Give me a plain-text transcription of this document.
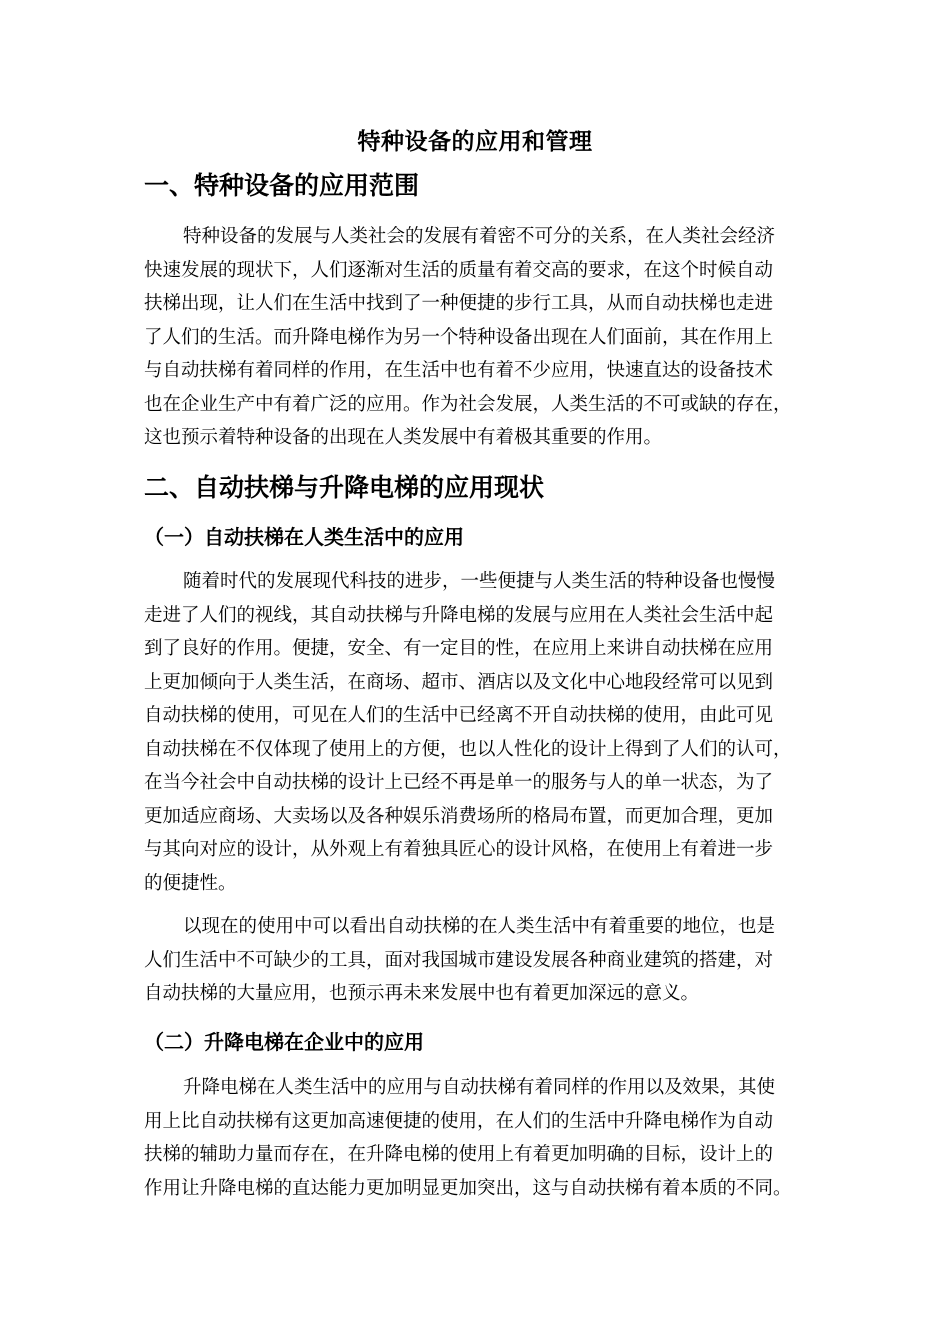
特种设备的应用和管理
一、特种设备的应用范围
特种设备的发展与人类社会的发展有着密不可分的关系，在人类社会经济
快速发展的现状下，人们逐渐对生活的质量有着交高的要求，在这个时候自动
扶梯出现，让人们在生活中找到了一种便捷的步行工具，从而自动扶梯也走进
了人们的生活。而升降电梯作为另一个特种设备出现在人们面前，其在作用上
与自动扶梯有着同样的作用，在生活中也有着不少应用，快速直达的设备技术
也在企业生产中有着广泛的应用。作为社会发展，人类生活的不可或缺的存在，
这也预示着特种设备的出现在人类发展中有着极其重要的作用。
二、自动扶梯与升降电梯的应用现状
（一）自动扶梯在人类生活中的应用
随着时代的发展现代科技的进步，一些便捷与人类生活的特种设备也慢慢
走进了人们的视线，其自动扶梯与升降电梯的发展与应用在人类社会生活中起
到了良好的作用。便捷，安全、有一定目的性，在应用上来讲自动扶梯在应用
上更加倾向于人类生活，在商场、超市、酒店以及文化中心地段经常可以见到
自动扶梯的使用，可见在人们的生活中已经离不开自动扶梯的使用，由此可见
自动扶梯在不仅体现了使用上的方便，也以人性化的设计上得到了人们的认可，
在当今社会中自动扶梯的设计上已经不再是单一的服务与人的单一状态，为了
更加适应商场、大卖场以及各种娱乐消费场所的格局布置，而更加合理，更加
与其向对应的设计，从外观上有着独具匠心的设计风格，在使用上有着进一步
的便捷性。
以现在的使用中可以看出自动扶梯的在人类生活中有着重要的地位，也是
人们生活中不可缺少的工具，面对我国城市建设发展各种商业建筑的搭建，对
自动扶梯的大量应用，也预示再未来发展中也有着更加深远的意义。
（二）升降电梯在企业中的应用
升降电梯在人类生活中的应用与自动扶梯有着同样的作用以及效果，其使
用上比自动扶梯有这更加高速便捷的使用，在人们的生活中升降电梯作为自动
扶梯的辅助力量而存在，在升降电梯的使用上有着更加明确的目标，设计上的
作用让升降电梯的直达能力更加明显更加突出，这与自动扶梯有着本质的不同。
